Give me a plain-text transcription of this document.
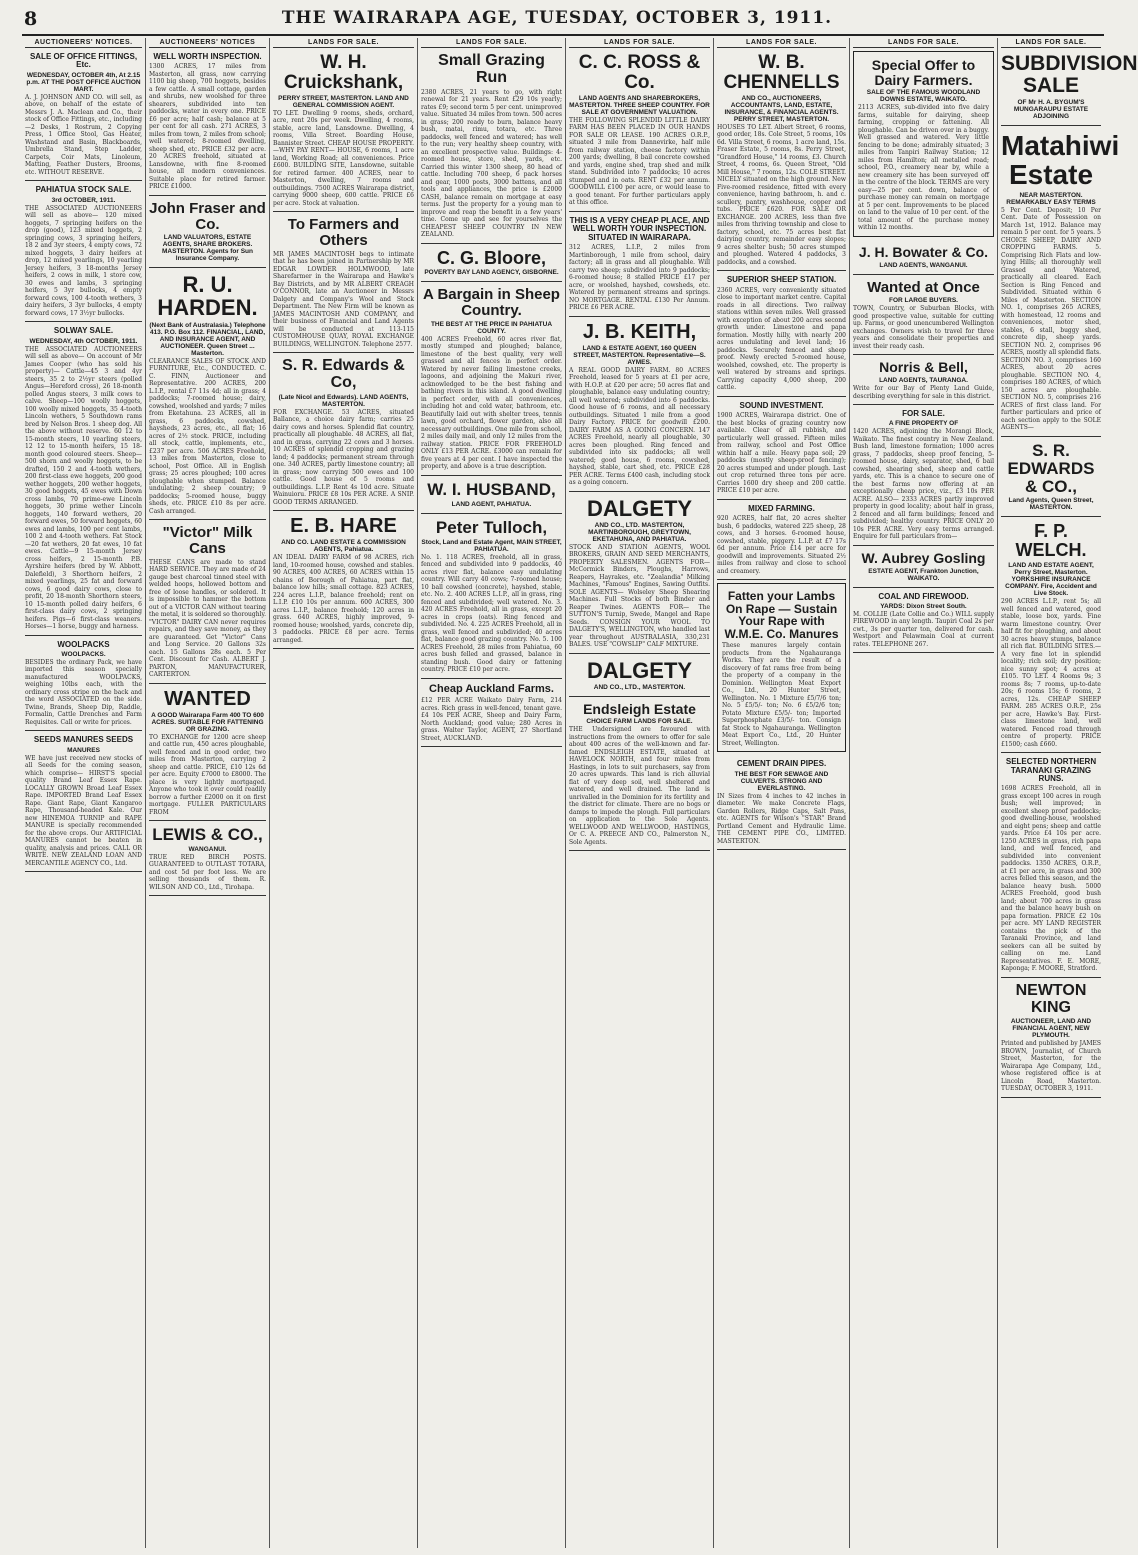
8	THE WAIRARAPA AGE, TUESDAY, OCTOBER 3, 1911.
AUCTIONEERS' NOTICES.
SALE OF OFFICE FITTINGS, Etc.
WEDNESDAY, OCTOBER 4th, At 2.15 p.m. AT THE POST OFFICE AUCTION MART.
A. J. JOHNSON AND CO. will sell, as above, on behalf of the estate of Messrs J. A. Maclean and Co., their stock of Office Fittings, etc., including—2 Desks, 1 Rostrum, 2 Copying Press, 1 Office Stool, Gas Heater, Washstand and Basin, Blackboards, Umbrella Stand, Step Ladder, Carpets, Coir Mats, Linoleum, Matting, Feather Dusters, Brooms, etc. WITHOUT RESERVE.
PAHIATUA STOCK SALE.
3rd OCTOBER, 1911.
THE ASSOCIATED AUCTIONEERS will sell as above— 120 mixed hoggets, 7 springing heifers on the drop (good), 123 mixed hoggets, 2 springing cows, 3 springing heifers, 18 2 and 3yr steers, 4 empty cows, 72 mixed hoggets, 3 dairy heifers at drop, 12 mixed yearlings, 10 yearling Jersey heifers, 3 18-months Jersey heifers, 2 cows in milk, 1 store cow, 30 ewes and lambs, 3 springing heifers, 5 3yr bullocks, 4 empty forward cows, 100 4-tooth wethers, 3 dairy heifers, 3 3yr bullocks, 4 empty forward cows, 17 3½yr bullocks.
SOLWAY SALE.
WEDNESDAY, 4th OCTOBER, 1911.
THE ASSOCIATED AUCTIONEERS will sell as above— On account of Mr James Cooper (who has sold his property)— Cattle—45 3 and 4yr steers, 35 2 to 2½yr steers (polled Angus—Hereford cross), 26 18-month polled Angus steers, 3 milk cows to calve. Sheep—100 woolly hoggets, 100 woolly mixed hoggets, 35 4-tooth Lincoln wethers, 5 Southdown rams bred by Nelson Bros. 1 sheep dog. All the above without reserve. 60 12 to 15-month steers, 10 yearling steers, 12 12 to 15-month heifers, 15 18-month good coloured steers. Sheep—500 shorn and woolly hoggets, to be drafted, 150 2 and 4-tooth wethers, 200 first-class ewe hoggets, 200 good wether hoggets, 200 wether hoggets, 30 good hoggets, 45 ewes with Down cross lambs, 70 prime-ewe Lincoln hoggets, 30 prime wether Lincoln hoggets, 140 forward wethers, 20 forward ewes, 50 forward hoggets, 60 ewes and lambs, 100 per cent lambs, 100 2 and 4-tooth wethers. Fat Stock—20 fat wethers, 20 fat ewes, 10 fat ewes. Cattle—9 15-month Jersey cross heifers, 2 15-month P.B. Ayrshire heifers (bred by W. Abbott, Dalefield), 3 Shorthorn heifers, 2 mixed yearlings, 25 fat and forward cows, 6 good dairy cows, close to profit, 20 18-month Shorthorn steers, 10 15-month polled dairy heifers, 6 first-class dairy cows, 2 springing heifers. Pigs—6 first-class weaners. Horses—1 horse, buggy and harness.
WOOLPACKS
WOOLPACKS.
BESIDES the ordinary Pack, we have imported this season specially manufactured WOOLPACKS, weighing 10lbs each, with the ordinary cross stripe on the back and the word ASSOCIATED on the side. Twine, Brands, Sheep Dip, Raddle, Formalin, Cattle Drenches and Farm Requisites. Call or write for prices.
SEEDS MANURES SEEDS
MANURES
WE have just received new stocks of all Seeds for the coming season, which comprise— HIRST'S special quality Brand Leaf Essex Rape. LOCALLY GROWN Broad Leaf Essex Rape. IMPORTED Brand Leaf Essex Rape. Giant Rape, Giant Kangaroo Rape, Thousand-headed Kale. Our new HINEMOA TURNIP and RAPE MANURE is specially recommended for the above crops. Our ARTIFICIAL MANURES cannot be beaten in quality, analysis and prices. CALL OR WRITE. NEW ZEALAND LOAN AND MERCANTILE AGENCY CO., Ltd.
AUCTIONEERS' NOTICES
WELL WORTH INSPECTION.
1300 ACRES, 17 miles from Masterton, all grass, now carrying 1100 big sheep, 700 hoggets, besides a few cattle. A small cottage, garden and shrubs, new woolshed for three shearers, subdivided into ten paddocks, water in every one. PRICE £6 per acre; half cash; balance at 5 per cent for all cash. 271 ACRES, 3 miles from town, 2 miles from school; well watered; 8-roomed dwelling, sheep shed, etc. PRICE £32 per acre. 20 ACRES freehold, situated at Lansdowne, with fine 8-roomed house, all modern conveniences. Suitable place for retired farmer. PRICE £1000.
John Fraser and Co.
LAND VALUATORS, ESTATE AGENTS, SHARE BROKERS. MASTERTON. Agents for Sun Insurance Company.
R. U. HARDEN.
(Next Bank of Australasia.) Telephone 413. P.O. Box 112. FINANCIAL, LAND, AND INSURANCE AGENT, AND AUCTIONEER. Queen Street ... Masterton.
CLEARANCE SALES OF STOCK AND FURNITURE, Etc., CONDUCTED. C. C. FINN, Auctioneer and Representative. 200 ACRES, 200 L.I.P., rental £7 11s 4d; all in grass; 4 paddocks; 7-roomed house; dairy, cowshed, woolshed and yards; 7 miles from Eketahuna. 23 ACRES, all in grass, 6 paddocks, cowshed, haysheds, 23 acres, etc., all flat; 16 acres of 2½ stock. PRICE, including all stock, cattle, implements, etc., £237 per acre. 506 ACRES Freehold, 13 miles from Masterton, close to school, Post Office. All in English grass; 25 acres ploughed; 100 acres ploughable when stumped. Balance undulating; 2 sheep country; 9 paddocks; 5-roomed house, buggy sheds, etc. PRICE £10 8s per acre. Cash arranged.
"Victor" Milk Cans
THESE CANS are made to stand HARD SERVICE. They are made of 24 gauge best charcoal tinned steel with welded hoops, hollowed bottom and free of loose handles, or soldered. It is impossible to hammer the bottom out of a VICTOR CAN without tearing the metal, it is soldered so thoroughly. "VICTOR" DAIRY CAN never requires repairs, and they save money, as they are guaranteed. Get "Victor" Cans and Long Service. 20 Gallons 32s each. 15 Gallons 28s each. 5 Per Cent. Discount for Cash. ALBERT J. PARTON, MANUFACTURER, CARTERTON.
WANTED
A GOOD Wairarapa Farm 400 TO 600 ACRES. SUITABLE FOR FATTENING OR GRAZING.
TO EXCHANGE for 1200 acre sheep and cattle run, 450 acres ploughable, well fenced and in good order, two miles from Masterton, carrying 2 sheep and cattle. PRICE, £10 12s 6d per acre. Equity £7000 to £8000. The place is very lightly mortgaged. Anyone who took it over could readily borrow a further £2000 on it on first mortgage. FULLER PARTICULARS FROM
LEWIS & CO.,
WANGANUI.
TRUE RED BIRCH POSTS. GUARANTEED to OUTLAST TOTARA, and cost 5d per foot less. We are selling thousands of them. R. WILSON AND CO., Ltd., Tirohapa.
LANDS FOR SALE.
W. H. Cruickshank,
PERRY STREET, MASTERTON. LAND AND GENERAL COMMISSION AGENT.
TO LET. Dwelling 9 rooms, sheds, orchard, acre, rent 20s per week. Dwelling, 4 rooms, stable, acre land, Lansdowne. Dwelling, 4 rooms, Villa Street. Boarding House, Bannister Street. CHEAP HOUSE PROPERTY.—WHY PAY RENT— HOUSE, 6 rooms, 1 acre land, Working Road; all conveniences. Price £600. BUILDING SITE, Lansdowne, suitable for retired farmer. 400 ACRES, near to Masterton, dwelling, 7 rooms and outbuildings. 7500 ACRES Wairarapa district, carrying 9000 sheep, 600 cattle. PRICE £6 per acre. Stock at valuation.
To Farmers and Others
MR JAMES MACINTOSH begs to intimate that he has been joined in Partnership by MR EDGAR LOWDER HOLMWOOD, late Sharefarmer in the Wairarapa and Hawke's Bay Districts, and by MR ALBERT CREAGH O'CONNOR, late an Auctioneer in Messrs Dalgety and Company's Wool and Stock Department. The New Firm will be known as JAMES MACINTOSH AND COMPANY, and their business of Financial and Land Agents will be conducted at 113-115 CUSTOMHOUSE QUAY, ROYAL EXCHANGE BUILDINGS, WELLINGTON. Telephone 2577.
S. R. Edwards & Co,
(Late Nicol and Edwards). LAND AGENTS, MASTERTON.
FOR EXCHANGE. 53 ACRES, situated Ballance, a choice dairy farm; carries 25 dairy cows and horses. Splendid flat country, practically all ploughable. 48 ACRES, all flat, and in grass, carrying 22 cows and 3 horses. 10 ACRES of splendid cropping and grazing land; 4 paddocks; permanent stream through one. 340 ACRES, partly limestone country; all in grass; now carrying 500 ewes and 100 cattle. Good house of 5 rooms and outbuildings. L.I.P. Rent 4s 10d acre. Situate Wainuioru. PRICE £8 10s PER ACRE. A SNIP. GOOD TERMS ARRANGED.
E. B. HARE
AND CO. LAND ESTATE & COMMISSION AGENTS, Pahiatua.
AN IDEAL DAIRY FARM of 98 ACRES, rich land, 10-roomed house, cowshed and stables. 90 ACRES, 400 ACRES, 60 ACRES within 15 chains of Borough of Pahiatua, part flat, balance low hills; small cottage. 823 ACRES, 224 acres L.I.P., balance freehold; rent on L.I.P. £10 10s per annum. 600 ACRES, 300 acres L.I.P., balance freehold; 120 acres in grass. 640 ACRES, highly improved, 9-roomed house; woolshed, yards, concrete dip, 3 paddocks. PRICE £8 per acre. Terms arranged.
LANDS FOR SALE.
Small Grazing Run
2380 ACRES, 21 years to go, with right renewal for 21 years. Rent £29 10s yearly; rates £9; second term 5 per cent. unimproved value. Situated 34 miles from town. 500 acres in grass; 200 ready to burn, balance heavy bush, matai, rimu, totara, etc. Three paddocks, well fenced and watered; has well to the run; very healthy sheep country, with an excellent prospective value. Buildings: 4-roomed house, store, shed, yards, etc. Carried this winter 1300 sheep, 80 head of cattle. Including 700 sheep, 6 pack horses and gear, 1000 posts, 3000 battens, and all tools and appliances, the price is £2000 CASH, balance remain on mortgage at easy terms. Just the property for a young man to improve and reap the benefit in a few years' time. Come up and see for yourselves the CHEAPEST SHEEP COUNTRY IN NEW ZEALAND.
C. G. Bloore,
POVERTY BAY LAND AGENCY, GISBORNE.
A Bargain in Sheep Country.
THE BEST AT THE PRICE IN PAHIATUA COUNTY.
400 ACRES Freehold, 60 acres river flat, mostly stumped and ploughed; balance, limestone of the best quality, very well grassed and all fences in perfect order. Watered by never failing limestone creeks, lagoons, and adjoining the Makuri river, acknowledged to be the best fishing and bathing rivers in this island. A good dwelling in perfect order, with all conveniences, including hot and cold water, bathroom, etc. Beautifully laid out with shelter trees, tennis lawn, good orchard, flower garden, also all necessary outbuildings. One mile from school, 2 miles daily mail, and only 12 miles from the railway station. PRICE FOR FREEHOLD ONLY £13 PER ACRE. £3000 can remain for five years at 4 per cent. I have inspected the property, and above is a true description.
W. I. HUSBAND,
LAND AGENT, PAHIATUA.
Peter Tulloch,
Stock, Land and Estate Agent, MAIN STREET, PAHIATUA.
No. 1. 118 ACRES, freehold, all in grass, fenced and subdivided into 9 paddocks, 40 acres river flat, balance easy undulating country. Will carry 40 cows; 7-roomed house; 10 ball cowshed (concrete), hayshed, stable, etc. No. 2. 400 ACRES L.I.P., all in grass, ring fenced and subdivided; well watered. No. 3. 420 ACRES Freehold, all in grass, except 20 acres in crops (oats). Ring fenced and subdivided. No. 4. 225 ACRES Freehold, all in grass, well fenced and subdivided; 40 acres flat, balance good grazing country. No. 5. 100 ACRES Freehold, 28 miles from Pahiatua, 60 acres bush felled and grassed, balance in standing bush. Good dairy or fattening country. PRICE £10 per acre.
Cheap Auckland Farms.
£12 PER ACRE Waikato Dairy Farm, 214 acres. Rich grass in well-fenced, tenant gave. £4 10s PER ACRE, Sheep and Dairy Farm, North Auckland; good value; 280 Acres in grass. Walter Taylor, AGENT, 27 Shortland Street, AUCKLAND.
LANDS FOR SALE.
C. C. ROSS & Co.
LAND AGENTS AND SHAREBROKERS, MASTERTON. THREE SHEEP COUNTRY. FOR SALE AT GOVERNMENT VALUATION.
THE FOLLOWING SPLENDID LITTLE DAIRY FARM HAS BEEN PLACED IN OUR HANDS FOR SALE OR LEASE. 190 ACRES O.R.P., situated 3 mile from Dannevirke, half mile from railway station, cheese factory within 200 yards; dwelling, 8 bail concrete cowshed and yards, engine shed, trap shed and milk stand. Subdivided into 7 paddocks; 10 acres stumped and in oats. RENT £32 per annum. GOODWILL £100 per acre, or would lease to a good tenant. For further particulars apply at this office.
THIS IS A VERY CHEAP PLACE, AND WELL WORTH YOUR INSPECTION. SITUATED IN WAIRARAPA.
312 ACRES, L.I.P., 2 miles from Martinborough, 1 mile from school, dairy factory; all in grass and all ploughable. Will carry two sheep; subdivided into 9 paddocks; 6-roomed house; 8 stalled PRICE £17 per acre, or woolshed, hayshed, cowsheds, etc. Watered by permanent streams and springs. NO MORTGAGE. RENTAL £130 Per Annum. PRICE £6 PER ACRE.
J. B. KEITH,
LAND & ESTATE AGENT, 160 QUEEN STREET, MASTERTON. Representative—S. AYMES.
A REAL GOOD DAIRY FARM. 80 ACRES Freehold, leased for 5 years at £1 per acre, with H.O.P. at £20 per acre; 50 acres flat and ploughable, balance easy undulating country; all well watered; subdivided into 6 paddocks. Good house of 6 rooms, and all necessary outbuildings. Situated 1 mile from a good Dairy Factory. PRICE for goodwill £200. DAIRY FARM AS A GOING CONCERN. 147 ACRES Freehold, nearly all ploughable, 30 acres been ploughed. Ring fenced and subdivided into six paddocks; all well watered; good house, 6 rooms, cowshed, hayshed, stable, cart shed, etc. PRICE £28 PER ACRE. Terms £400 cash, including stock as a going concern.
DALGETY
AND CO., LTD. MASTERTON, MARTINBOROUGH, GREYTOWN, EKETAHUNA, AND PAHIATUA.
STOCK AND STATION AGENTS, WOOL BROKERS, GRAIN AND SEED MERCHANTS, PROPERTY SALESMEN. AGENTS FOR— McCormick Binders, Ploughs, Harrows, Reapers, Hayrakes, etc. "Zealandia" Milking Machines, "Famous" Engines, Sawing Outfits. SOLE AGENTS— Wolseley Sheep Shearing Machines. Full Stocks of both Binder and Reaper Twines. AGENTS FOR— The SUTTON'S Turnip, Swede, Mangel and Rape Seeds. CONSIGN YOUR WOOL TO DALGETY'S, WELLINGTON, who handled last year throughout AUSTRALASIA, 330,231 BALES. USE "COWSLIP" CALF MIXTURE.
DALGETY
AND CO., LTD., MASTERTON.
Endsleigh Estate
CHOICE FARM LANDS FOR SALE.
THE Undersigned are favoured with instructions from the owners to offer for sale about 400 acres of the well-known and far-famed ENDSLEIGH ESTATE, situated at HAVELOCK NORTH, and four miles from Hastings, in lots to suit purchasers, say from 20 acres upwards. This land is rich alluvial flat of very deep soil, well sheltered and watered, and well drained. The land is unrivalled in the Dominion for its fertility and the district for climate. There are no bogs or damps to impede the plough. Full particulars on application to the Sole Agents. WELLWOOD AND WELLWOOD, HASTINGS, Or C. A. PREECE AND CO., Palmerston N., Sole Agents.
LANDS FOR SALE.
W. B. CHENNELLS
AND CO., AUCTIONEERS, ACCOUNTANTS, LAND, ESTATE, INSURANCE, & FINANCIAL AGENTS. PERRY STREET, MASTERTON.
HOUSES TO LET. Albert Street, 6 rooms, good order, 18s. Cole Street, 5 rooms, 10s 6d. Villa Street, 6 rooms, 1 acre land, 15s. Fraser Estate, 5 rooms, 8s. Perry Street, "Grandford House," 14 rooms, £3. Church Street, 4 rooms, 6s. Queen Street, "Old Mill House," 7 rooms, 12s. COLE STREET. NICELY situated on the high ground. New Five-roomed residence, fitted with every convenience, having bathroom, h. and c. scullery, pantry, washhouse, copper and tubs. PRICE £620. FOR SALE OR EXCHANGE. 200 ACRES, less than five miles from thriving township and close to factory, school, etc. 75 acres best flat dairying country, remainder easy slopes; 9 acres shelter bush; 50 acres stumped and ploughed. Watered 4 paddocks, 3 paddocks, and a cowshed.
SUPERIOR SHEEP STATION.
2360 ACRES, very conveniently situated close to important market centre. Capital roads in all directions. Two railway stations within seven miles. Well grassed with exception of about 200 acres second growth under. Limestone and papa formation. Mostly hilly, with nearly 200 acres undulating and level land; 16 paddocks. Securely fenced and sheep proof. Newly erected 5-roomed house, woolshed, cowshed, etc. The property is well watered by streams and springs. Carrying capacity 4,000 sheep, 200 cattle.
SOUND INVESTMENT.
1900 ACRES, Wairarapa district. One of the best blocks of grazing country now available. Clear of all rubbish, and particularly well grassed. Fifteen miles from railway, school and Post Office within half a mile. Heavy papa soil; 29 paddocks (mostly sheep-proof fencing); 20 acres stumped and under plough. Last out crop returned three tons per acre. Carries 1600 dry sheep and 200 cattle. PRICE £10 per acre.
MIXED FARMING.
920 ACRES, half flat, 20 acres shelter bush, 6 paddocks, watered 225 sheep, 28 cows, and 3 horses. 6-roomed house, cowshed, stable, piggery. L.I.P. at £7 17s 6d per annum. Price £14 per acre for goodwill and improvements. Situated 2½ miles from railway and close to school and creamery.
Fatten your Lambs On Rape — Sustain Your Rape with W.M.E. Co. Manures
These manures largely contain products from the Ngahauranga Works. They are the result of a discovery of fat rams free from being the property of a company in the Dominion. Wellington Meat Export Co., Ltd., 20 Hunter Street, Wellington. No. 1 Mixture £5/7/6 ton; No. 5 £5/5/- ton; No. 6 £5/2/6 ton; Potato Mixture £5/5/- ton; Imported Superphosphate £3/5/- ton. Consign fat Stock to Ngahauranga. Wellington Meat Export Co., Ltd., 20 Hunter Street, Wellington.
CEMENT DRAIN PIPES.
THE BEST FOR SEWAGE AND CULVERTS. STRONG AND EVERLASTING.
IN Sizes from 4 inches to 42 inches in diameter. We make Concrete Flags, Garden Rollers, Ridge Caps, Salt Pans, etc. AGENTS for Wilson's "STAR" Brand Portland Cement and Hydraulic Lime. THE CEMENT PIPE CO., LIMITED. MASTERTON.
LANDS FOR SALE.
Special Offer to Dairy Farmers.
SALE OF THE FAMOUS WOODLAND DOWNS ESTATE, WAIKATO.
2113 ACRES, sub-divided into five dairy farms, suitable for dairying, sheep farming, cropping or fattening. All ploughable. Can be driven over in a buggy. Well grassed and watered. Very little fencing to be done; admirably situated; 3 miles from Tanpiri Railway Station; 12 miles from Hamilton; all metalled road; school, P.O., creamery near by, while a new creamery site has been surveyed off in the centre of the block. TERMS are very easy—25 per cent. down, balance of purchase money can remain on mortgage at 5 per cent. Improvements to be placed on land to the value of 10 per cent. of the total amount of the purchase money within 12 months.
J. H. Bowater & Co.
LAND AGENTS, WANGANUI.
Wanted at Once
FOR LARGE BUYERS.
TOWN, Country, or Suburban Blocks, with good prospective value, suitable for cutting up. Farms, or good unencumbered Wellington exchanges. Owners wish to travel for three years and consolidate their properties and invest their ready cash.
Norris & Bell,
LAND AGENTS, TAURANGA.
Write for our Bay of Plenty Land Guide, describing everything for sale in this district.
FOR SALE.
A FINE PROPERTY OF
1420 ACRES, adjoining the Morangi Block, Waikato. The finest country in New Zealand. Bush land, limestone formation; 1000 acres grass, 7 paddocks, sheep proof fencing, 5-roomed house, dairy, separator, shed, 6 bail cowshed, shearing shed, sheep and cattle yards, etc. This is a chance to secure one of the best farms now offering at an exceptionally cheap price, viz., £3 10s PER ACRE. ALSO— 2333 ACRES partly improved property in good locality; about half in grass, 2 fenced and all farm buildings; fenced and subdivided; healthy country. PRICE ONLY 20 10s PER ACRE. Very easy terms arranged. Enquire for full particulars from—
W. Aubrey Gosling
ESTATE AGENT, Frankton Junction, WAIKATO.
COAL AND FIREWOOD.
YARDS: Dixon Street South.
M. COLLIE (Late Collie and Co.) WILL supply FIREWOOD in any length. Taupiri Coal 2s per cwt., 3s per quarter ton, delivered for cash. Westport and Pelawmain Coal at current rates. TELEPHONE 267.
LANDS FOR SALE.
SUBDIVISION SALE
OF Mr H. A. BYGUM'S MUNGARAUPU ESTATE ADJOINING
Matahiwi Estate
NEAR MASTERTON. REMARKABLY EASY TERMS
5 Per Cent. Deposit; 10 Per Cent. Date of Possession on March 1st, 1912. Balance may remain 5 per cent. for 5 years. 5 CHOICE SHEEP, DAIRY AND CROPPING FARMS. 5. Comprising Rich Flats and low-lying Hills; all thoroughly well Grassed and Watered, practically all cleared. Each Section is Ring Fenced and Subdivided. Situated within 6 Miles of Masterton. SECTION NO. 1, comprises 265 ACRES, with homestead, 12 rooms and conveniences, motor shed, stables, 6 stall, buggy shed, concrete dip, sheep yards. SECTION NO. 2, comprises 96 ACRES, mostly all splendid flats. SECTION NO. 3, comprises 160 ACRES, about 20 acres ploughable. SECTION NO. 4, comprises 180 ACRES, of which 150 acres are ploughable. SECTION NO. 5, comprises 216 ACRES of first class land. For further particulars and price of each section apply to the SOLE AGENTS—
S. R. EDWARDS & CO.,
Land Agents, Queen Street, MASTERTON.
F. P. WELCH.
LAND AND ESTATE AGENT, Perry Street, Masterton. YORKSHIRE INSURANCE COMPANY. Fire, Accident and Live Stock.
290 ACRES L.I.P., rent 5s; all well fenced and watered, good stable, loose box, yards. Fine warm limestone country. Over half fit for ploughing, and about 30 acres heavy stumps, balance all rich flat. BUILDING SITES.—A very fine lot in splendid locality; rich soil; dry position; nice sunny spot; 4 acres at £105. TO LET. 4 Rooms 9s; 3 rooms 8s; 7 rooms, up-to-date 20s; 6 rooms 15s; 6 rooms, 2 acres, 12s. CHEAP SHEEP FARM. 285 ACRES O.R.P., 25s per acre, Hawke's Bay. First-class limestone land, well watered. Fenced road through centre of property. PRICE £1500; cash £660.
SELECTED NORTHERN TARANAKI GRAZING RUNS.
1698 ACRES Freehold, all in grass except 100 acres in rough bush; well improved; in excellent sheep proof paddocks; good dwelling-house, woolshed and eight pens; sheep and cattle yards. Price £4 10s per acre. 1250 ACRES in grass, rich papa land, and well fenced, and subdivided into convenient paddocks. 1350 ACRES, O.R.P., at £1 per acre, in grass and 300 acres felled this season, and the balance heavy bush. 5000 ACRES Freehold, good bush land; about 700 acres in grass and the balance heavy bush on papa formation. PRICE £2 10s per acre. MY LAND REGISTER contains the pick of the Taranaki Province, and land seekers can all be suited by calling on me. Land Representatives. F. E. MORE, Kaponga; F. MOORE, Stratford.
NEWTON KING
AUCTIONEER, LAND AND FINANCIAL AGENT, NEW PLYMOUTH.
Printed and published by JAMES BROWN, Journalist, of Church Street, Masterton, for the Wairarapa Age Company, Ltd., whose registered office is at Lincoln Road, Masterton. TUESDAY, OCTOBER 3, 1911.
